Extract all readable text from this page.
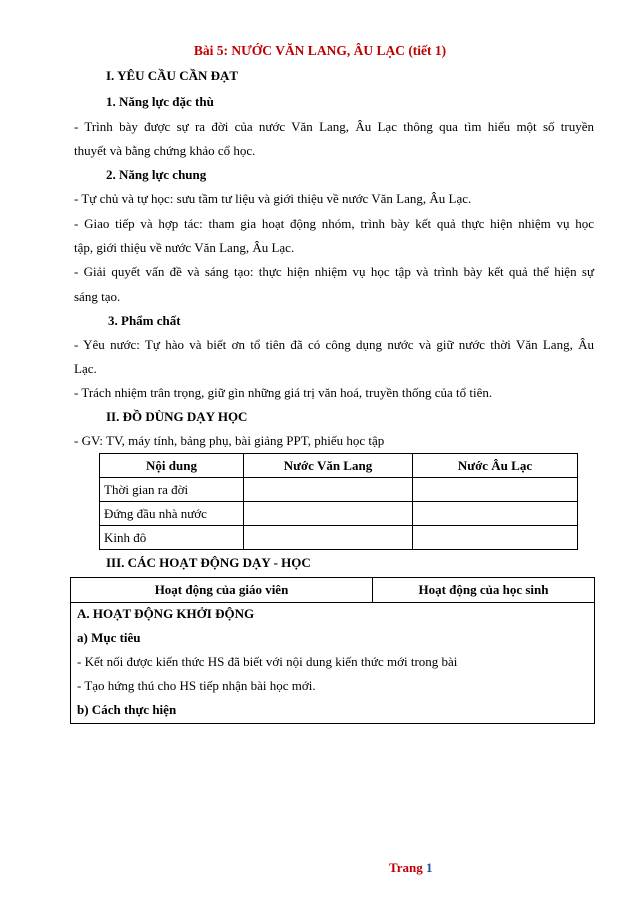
Bài 5: NƯỚC VĂN LANG, ÂU LẠC (tiết 1)
I. YÊU CẦU CẦN ĐẠT
1. Năng lực đặc thù
- Trình bày được sự ra đời của nước Văn Lang, Âu Lạc thông qua tìm hiểu một số truyền
thuyết và bằng chứng khảo cổ học.
2. Năng lực chung
- Tự chủ và tự học: sưu tầm tư liệu và giới thiệu về nước Văn Lang, Âu Lạc.
- Giao tiếp và hợp tác: tham gia hoạt động nhóm, trình bày kết quả thực hiện nhiệm vụ học
tập, giới thiệu về nước Văn Lang, Âu Lạc.
- Giải quyết vấn đề và sáng tạo: thực hiện nhiệm vụ học tập và trình bày kết quả thể hiện sự
sáng tạo.
3. Phẩm chất
- Yêu nước: Tự hào và biết ơn tổ tiên đã có công dụng nước và giữ nước thời Văn Lang, Âu
Lạc.
- Trách nhiệm trân trọng, giữ gìn những giá trị văn hoá, truyền thống của tổ tiên.
II. ĐỒ DÙNG DẠY HỌC
- GV: TV, máy tính, bảng phụ, bài giảng PPT, phiếu học tập
Nội dung	Nước Văn Lang	Nước Âu Lạc
Thời gian ra đời		
Đứng đầu nhà nước		
Kinh đô		
III. CÁC HOẠT ĐỘNG DẠY - HỌC
Hoạt động của giáo viên	Hoạt động của học sinh

A. HOẠT ĐỘNG KHỞI ĐỘNG
a) Mục tiêu
- Kết nối được kiến thức HS đã biết với nội dung kiến thức mới trong bài
- Tạo hứng thú cho HS tiếp nhận bài học mới.
b) Cách thực hiện
Trang 1
